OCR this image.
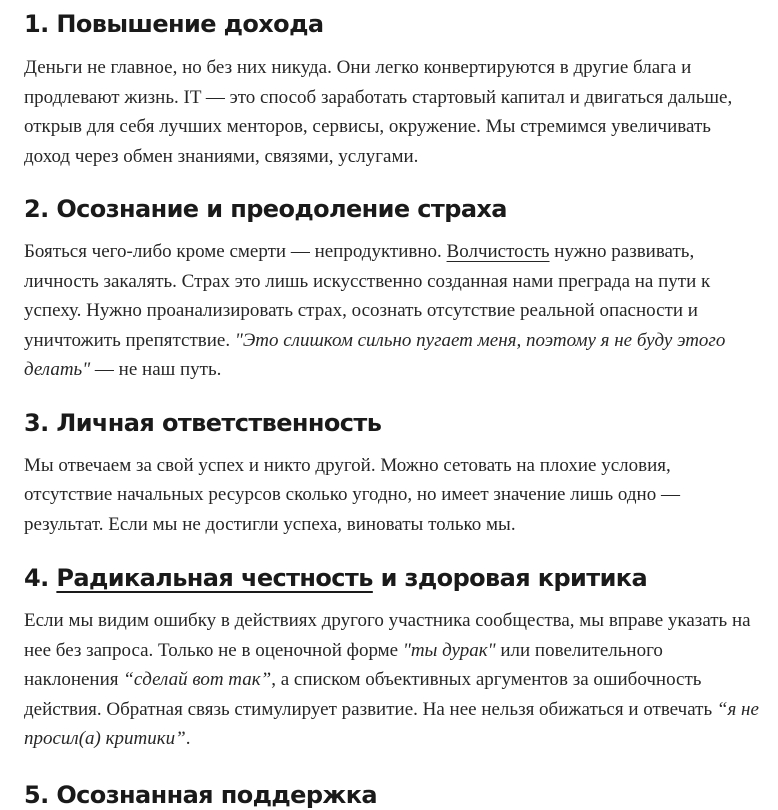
1. Повышение дохода

Деньги не главное, но без них никуда. Они легко конвертируются в другие блага и продлевают жизнь. IT — это способ заработать стартовый капитал и двигаться дальше, открыв для себя лучших менторов, сервисы, окружение. Мы стремимся увеличивать доход через обмен знаниями, связями, услугами.

2. Осознание и преодоление страха

Бояться чего-либо кроме смерти — непродуктивно. Волчистость нужно развивать, личность закалять. Страх это лишь искусственно созданная нами преграда на пути к успеху. Нужно проанализировать страх, осознать отсутствие реальной опасности и уничтожить препятствие. "Это слишком сильно пугает меня, поэтому я не буду этого делать" — не наш путь.

3. Личная ответственность

Мы отвечаем за свой успех и никто другой. Можно сетовать на плохие условия, отсутствие начальных ресурсов сколько угодно, но имеет значение лишь одно — результат. Если мы не достигли успеха, виноваты только мы.

4. Радикальная честность и здоровая критика

Если мы видим ошибку в действиях другого участника сообщества, мы вправе указать на нее без запроса. Только не в оценочной форме "ты дурак" или повелительного наклонения “сделай вот так”, а списком объективных аргументов за ошибочность действия. Обратная связь стимулирует развитие. На нее нельзя обижаться и отвечать “я не просил(а) критики”.

5. Осознанная поддержка
